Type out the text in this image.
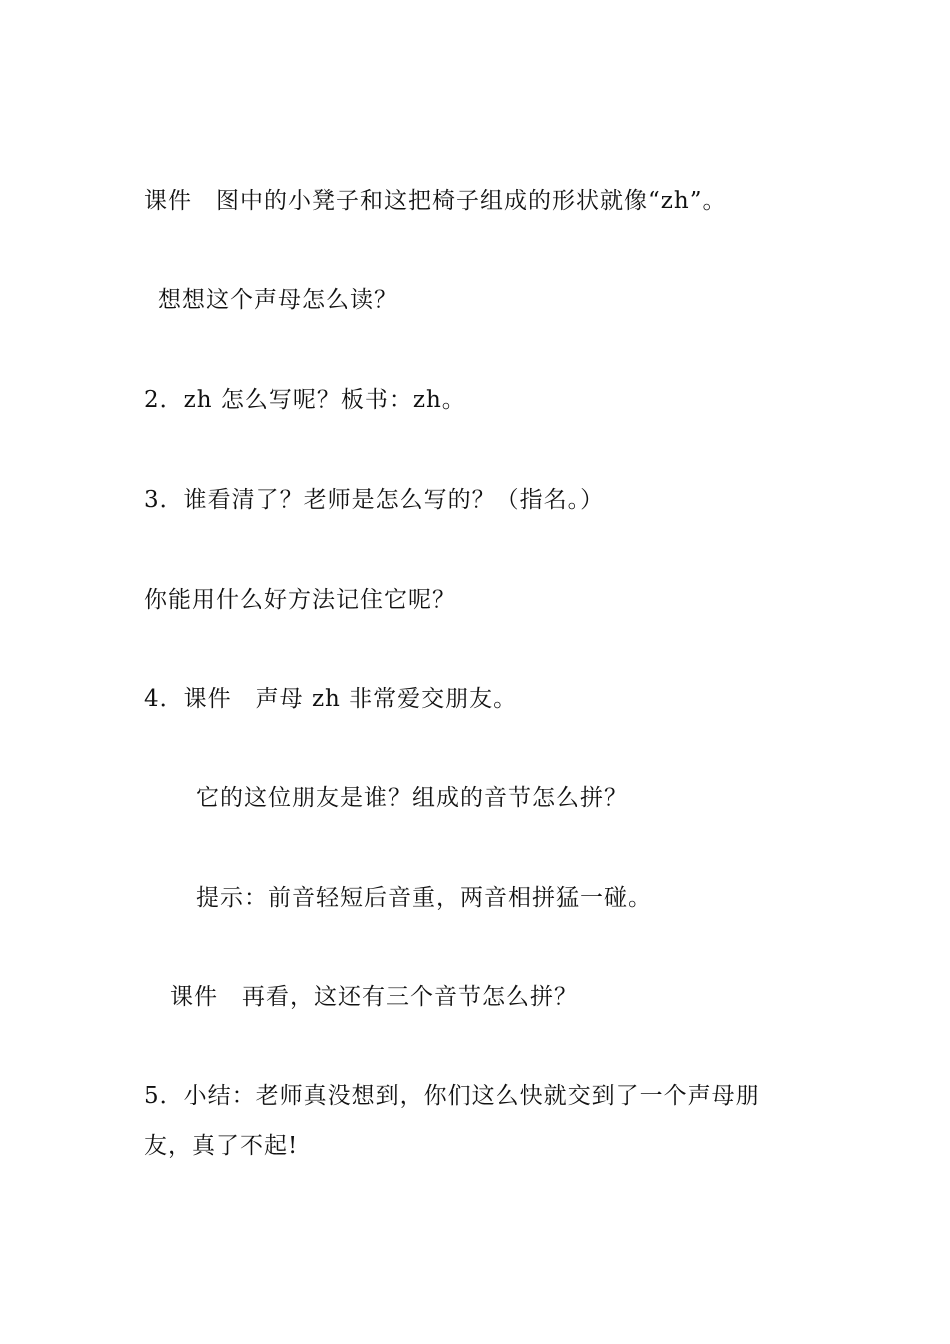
课件　图中的小凳子和这把椅子组成的形状就像“zh”。
想想这个声母怎么读？
2．zh 怎么写呢？板书：zh。
3．谁看清了？老师是怎么写的？（指名。）
你能用什么好方法记住它呢？
4．课件　声母 zh 非常爱交朋友。
它的这位朋友是谁？组成的音节怎么拼？
提示：前音轻短后音重，两音相拼猛一碰。
课件　再看，这还有三个音节怎么拼？
5．小结：老师真没想到，你们这么快就交到了一个声母朋
友，真了不起!
